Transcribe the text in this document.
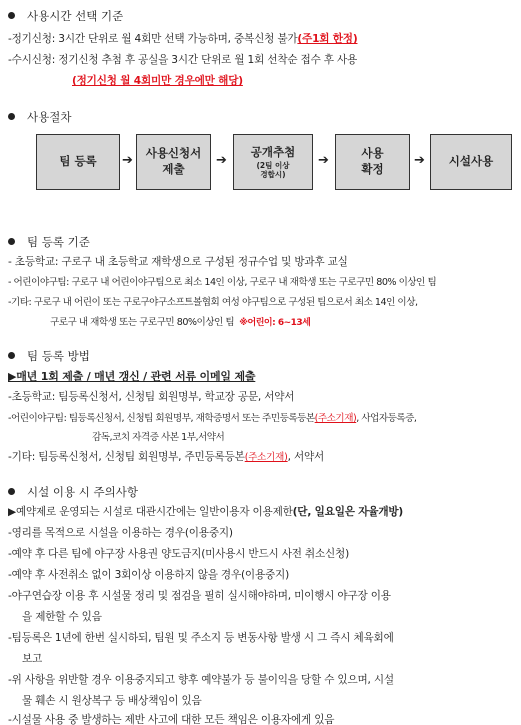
사용시간 선택 기준
-정기신청: 3시간 단위로 월 4회만 선택 가능하며, 중복신청 불가(주1회 한정)
-수시신청: 정기신청 추첨 후 공실을 3시간 단위로 월 1회 선착순 접수 후 사용
(정기신청 월 4회미만 경우에만 해당)
사용절차
팀 등록 ➔ 사용신청서
제출
➔
공개추첨
(2팀 이상
경합시)
➔	사용
확정
➔ 시설사용
팀 등록 기준
- 초등학교: 구로구 내 초등학교 재학생으로 구성된 정규수업 및 방과후 교실
- 어린이야구팀: 구로구 내 어린이야구팀으로 최소 14인 이상, 구로구 내 재학생 또는 구로구민 80% 이상인 팀
-기타: 구로구 내 어린이 또는 구로구야구소프트볼협회 여성 야구팀으로 구성된 팀으로서 최소 14인 이상,
구로구 내 재학생 또는 구로구민 80%이상인 팀 ※어린이: 6~13세
팀 등록 방법
▶매년 1회 제출 / 매년 갱신 / 관련 서류 이메일 제출
-초등학교: 팀등록신청서, 신청팀 회원명부, 학교장 공문, 서약서
-어린이야구팀: 팀등록신청서, 신청팀 회원명부, 재학증명서 또는 주민등록등본(주소기재), 사업자등록증,
감독,코치 자격증 사본 1부,서약서
-기타: 팀등록신청서, 신청팀 회원명부, 주민등록등본(주소기재), 서약서
시설 이용 시 주의사항
▶예약제로 운영되는 시설로 대관시간에는 일반이용자 이용제한(단, 일요일은 자율개방)
-영리를 목적으로 시설을 이용하는 경우(이용중지)
-예약 후 다른 팀에 야구장 사용권 양도금지(미사용시 반드시 사전 취소신청)
-예약 후 사전취소 없이 3회이상 이용하지 않을 경우(이용중지)
-야구연습장 이용 후 시설물 정리 및 점검을 필히 실시해야하며, 미이행시 야구장 이용
을 제한할 수 있음
-팀등록은 1년에 한번 실시하되, 팀원 및 주소지 등 변동사항 발생 시 그 즉시 체육회에
보고
-위 사항을 위반할 경우 이용중지되고 향후 예약불가 등 불이익을 당할 수 있으며, 시설
물 훼손 시 원상복구 등 배상책임이 있음
-시설물 사용 중 발생하는 제반 사고에 대한 모든 책임은 이용자에게 있음
